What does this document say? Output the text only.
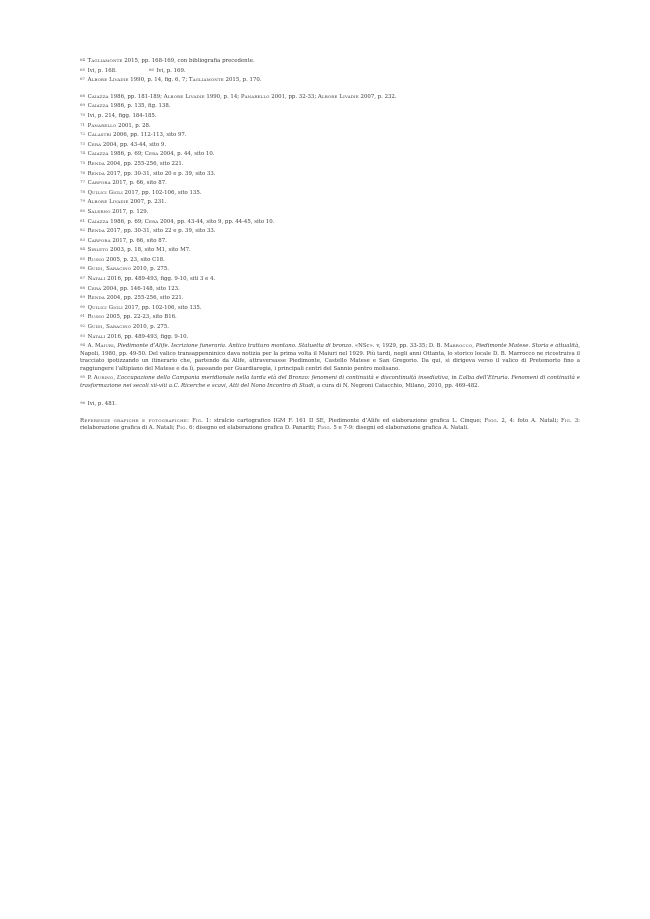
$^{64}$ Tagliamonte 2015, pp. 168-169, con bibliografia precedente.
$^{65}$ Ivi, p. 168.	$^{66}$ Ivi, p. 169.
$^{67}$ Albore Livadie 1990, p. 14, fig. 6, 7; Tagliamonte 2015, p. 170.
$^{68}$ Caiazza 1986, pp. 181-189; Albore Livadie 1990, p. 14; Panarello 2001, pp. 32-33; Albore Livadie 2007, p. 232.
$^{69}$ Caiazza 1986, p. 135, fig. 138.
$^{70}$ Ivi, p. 214, figg. 184-185.
$^{71}$ Panarello 2001, p. 28.
$^{72}$ Calastri 2006, pp. 112-113, sito 97.
$^{73}$ Cera 2004, pp. 43-44, sito 9.
$^{74}$ Caiazza 1986, p. 69; Cera 2004, p. 44, sito 10.
$^{75}$ Renda 2004, pp. 255-256, sito 221.
$^{76}$ Renda 2017, pp. 30-31, sito 20 e p. 39, sito 33.
$^{77}$ Carfora 2017, p. 66, sito 87.
$^{78}$ Quilici Gigli 2017, pp. 102-106, sito 135.
$^{79}$ Albore Livadie 2007, p. 231.
$^{80}$ Salerno 2017, p. 129.
$^{81}$ Caiazza 1986, p. 69; Cera 2004, pp. 43-44, sito 9, pp. 44-45, sito 10.
$^{82}$ Renda 2017, pp. 30-31, sito 22 e p. 39, sito 33.
$^{83}$ Carfora 2017, p. 66, sito 87.
$^{84}$ Sirleto 2003, p. 18, sito M1, sito M7.
$^{85}$ Russo 2005, p. 23, sito C18.
$^{86}$ Guidi, Saracino 2010, p. 275.
$^{87}$ Natali 2016, pp. 489-493, figg. 9-10, siti 3 e 4.
$^{88}$ Cera 2004, pp. 146-148, sito 123.
$^{89}$ Renda 2004, pp. 255-256, sito 221.
$^{90}$ Quilici Gigli 2017, pp. 102-106, sito 135.
$^{91}$ Russo 2005, pp. 22-23, sito B16.
$^{92}$ Guidi, Saracino 2010, p. 275.
$^{93}$ Natali 2016, pp. 489-493, figg. 9-10.
$^{94}$ A. Maiuri, Piedimonte d’Alife. Iscrizione funeraria. Antico tratturo montano. Statuetta di bronzo. «NSc». v, 1929, pp. 33-35; D. B. Marrocco, Piedimonte Matese. Storia e attualità, Napoli, 1980, pp. 49-50. Del valico transappenninico dava notizia per la prima volta il Maiuri nel 1929. Più tardi, negli anni Ottanta, lo storico locale D. B. Marrocco ne ricostruiva il tracciato ipotizzando un itinerario che, partendo da Alife, attraversasse Piedimonte, Castello Matese e San Gregorio. Da qui, si dirigeva verso il valico di Pretemorto fino a raggiungere l’altipiano del Matese e da lì, passando per Guardiaregia, i principali centri del Sannio pentro molisano.
$^{95}$ P. Aurino, L’occupazione della Campania meridionale nella tarda età del Bronzo: fenomeni di continuità e discontinuità insediativa, in L’alba dell’Etruria. Fenomeni di continuità e trasformazione nei secoli xii-viii a.C. Ricerche e scavi, Atti del Nono Incontro di Studi, a cura di N. Negroni Catacchio, Milano, 2010, pp. 469-482.
$^{96}$ Ivi, p. 481.
Referenze grafiche e fotografiche: Fig. 1: stralcio cartografico IGM F. 161 II SE, Piedimonte d’Alife ed elaborazione grafica L. Cinque; Figg. 2, 4: foto A. Natali; Fig. 3: rielaborazione grafica di A. Natali; Fig. 6: disegno ed elaborazione grafica D. Panariti; Figg. 5 e 7-9: disegni ed elaborazione grafica A. Natali.
